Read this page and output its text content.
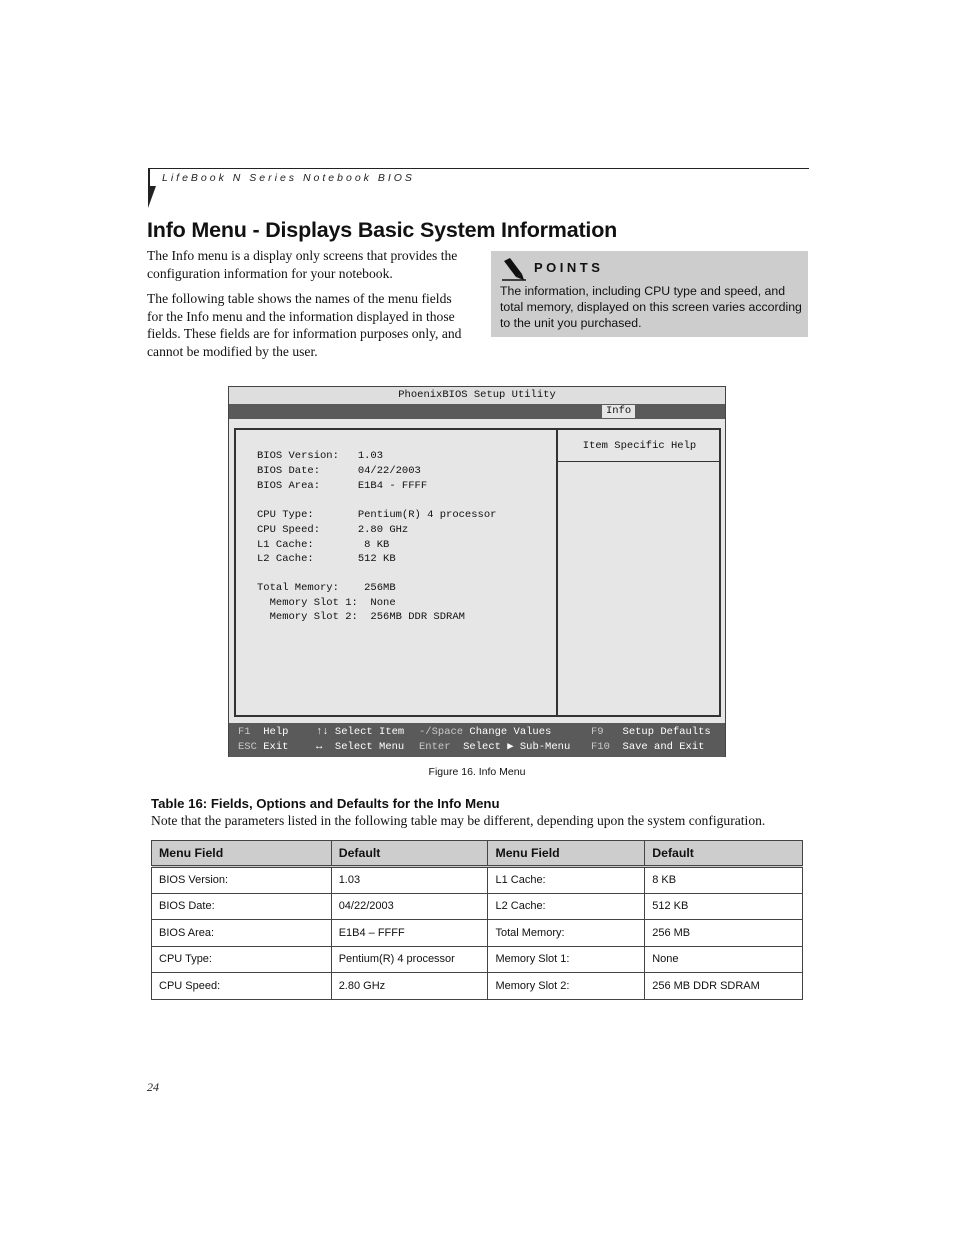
LifeBook N Series Notebook BIOS
Info Menu - Displays Basic System Information

The Info menu is a display only screens that provides the configuration information for your notebook.

The following table shows the names of the menu fields for the Info menu and the information displayed in those fields. These fields are for information purposes only, and cannot be modified by the user.

POINTS
The information, including CPU type and speed, and total memory, displayed on this screen varies according to the unit you purchased.
PhoenixBIOS Setup Utility
Info
Item Specific Help
BIOS Version:   1.03
BIOS Date:      04/22/2003
BIOS Area:      E1B4 - FFFF
CPU Type:       Pentium(R) 4 processor
CPU Speed:      2.80 GHz
L1 Cache:        8 KB
L2 Cache:       512 KB
Total Memory:    256MB
Memory Slot 1:  None
Memory Slot 2:  256MB DDR SDRAM
F1 Help
ESC Exit
↑↓ Select Item
↔ Select Menu
-/Space Change Values
Enter Select ▶ Sub-Menu
F9 Setup Defaults
F10 Save and Exit
Figure 16. Info Menu
Table 16: Fields, Options and Defaults for the Info Menu
Note that the parameters listed in the following table may be different, depending upon the system configuration.
Menu Field	Default	Menu Field	Default
BIOS Version:	1.03	L1 Cache:	8 KB
BIOS Date:	04/22/2003	L2 Cache:	512 KB
BIOS Area:	E1B4 – FFFF	Total Memory:	256 MB
CPU Type:	Pentium(R) 4 processor	Memory Slot 1:	None
CPU Speed:	2.80 GHz	Memory Slot 2:	256 MB DDR SDRAM
24
